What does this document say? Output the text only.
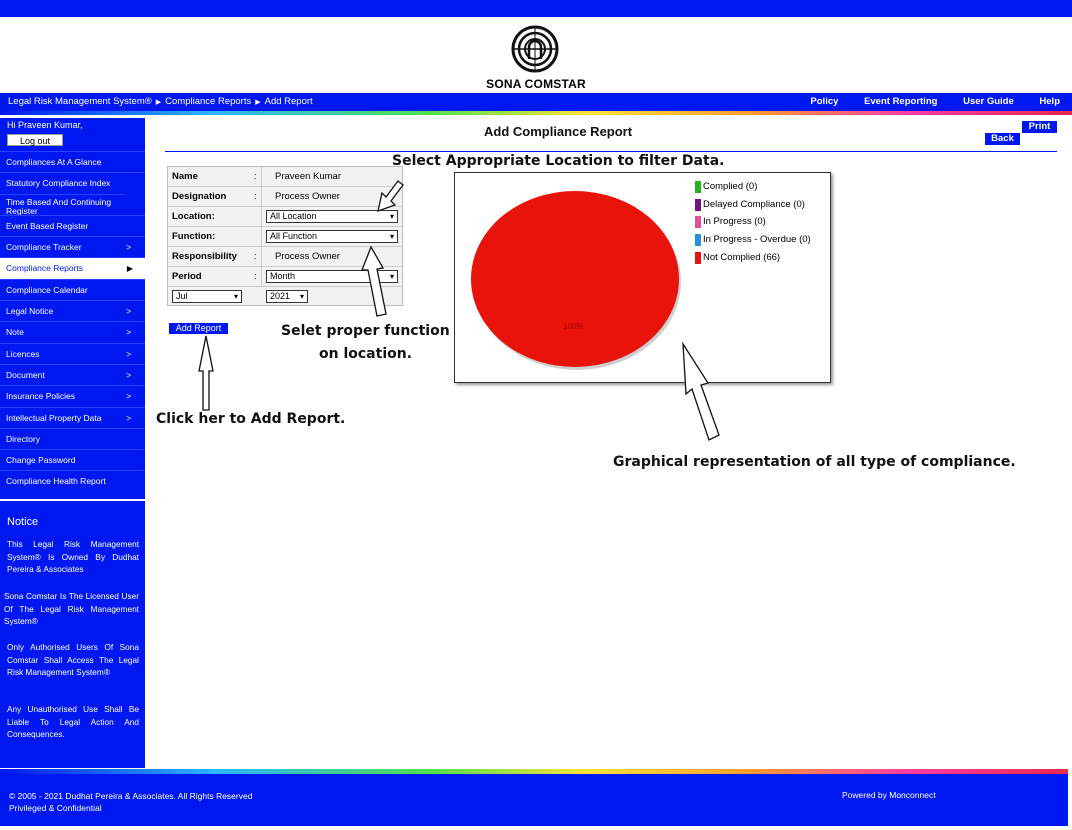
SONA COMSTAR
Legal Risk Management System® ▶ Compliance Reports ▶ Add Report	Policy	Event Reporting	User Guide	Help
Hi Praveen Kumar,
Log out
Compliances At A Glance
Statutory Compliance Index
Time Based And Continuing Register
Event Based Register
Compliance Tracker	>
Compliance Reports	▶
Compliance Calendar
Legal Notice	>
Note	>
Licences	>
Document	>
Insurance Policies	>
Intellectual Property Data	>
Directory
Change Password
Compliance Health Report
Notice
This Legal Risk Management System® Is Owned By Dudhat Pereira & Associates
Sona Comstar Is The Licensed User Of The Legal Risk Management System®
Only Authorised Users Of Sona Comstar Shall Access The Legal Risk Management System®
Any Unauthorised Use Shall Be Liable To Legal Action And Consequences.
Add Compliance Report	Print
Back
Name	: Praveen Kumar
Designation	: Process Owner
Location:	All Location	▾
Function:	All Function	▾
Responsibility : Process Owner
Period	:	Month	▾
Jul	▾	2021 ▾
Add Report	100%
Complied (0)
Delayed Compliance (0)
In Progress (0)
In Progress - Overdue (0)
Not Complied (66)
Select Appropriate Location to filter Data.
Selet proper function
on location.
Click her to Add Report.
Graphical representation of all type of compliance.
© 2005 - 2021 Dudhat Pereira & Associates. All Rights Reserved
Privileged & Confidential
Powered by Monconnect
